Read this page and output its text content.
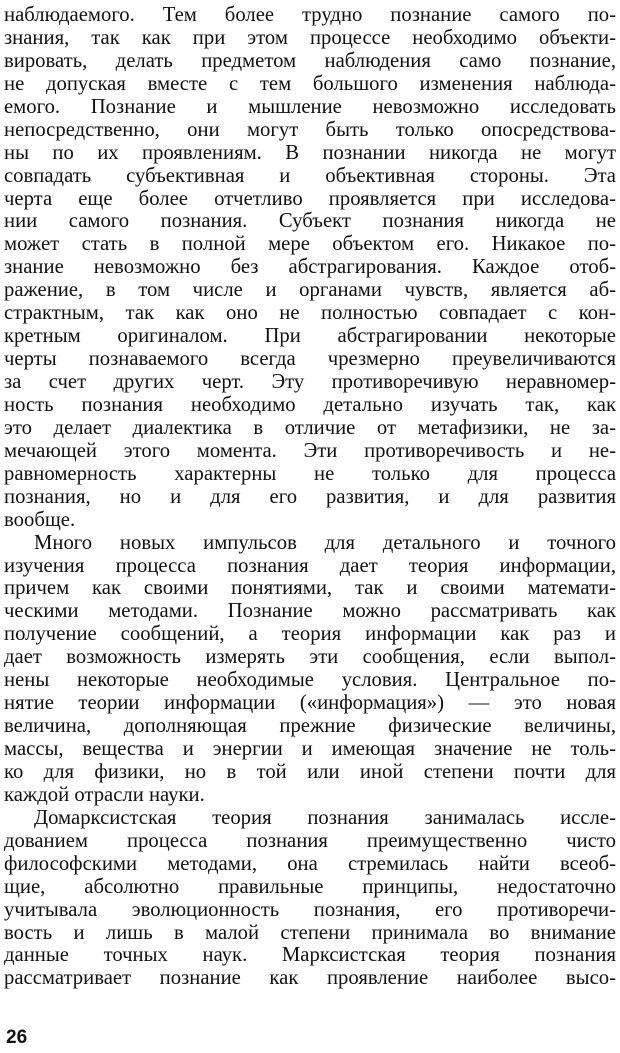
наблюдаемого. Тем более трудно познание самого по-
знания, так как при этом процессе необходимо объекти-
вировать, делать предметом наблюдения само познание,
не допуская вместе с тем большого изменения наблюда-
емого. Познание и мышление невозможно исследовать
непосредственно, они могут быть только опосредствова-
ны по их проявлениям. В познании никогда не могут
совпадать субъективная и объективная стороны. Эта
черта еще более отчетливо проявляется при исследова-
нии самого познания. Субъект познания никогда не
может стать в полной мере объектом его. Никакое по-
знание невозможно без абстрагирования. Каждое отоб-
ражение, в том числе и органами чувств, является аб-
страктным, так как оно не полностью совпадает с кон-
кретным оригиналом. При абстрагировании некоторые
черты познаваемого всегда чрезмерно преувеличиваются
за счет других черт. Эту противоречивую неравномер-
ность познания необходимо детально изучать так, как
это делает диалектика в отличие от метафизики, не за-
мечающей этого момента. Эти противоречивость и не-
равномерность характерны не только для процесса
познания, но и для его развития, и для развития
вообще.
Много новых импульсов для детального и точного
изучения процесса познания дает теория информации,
причем как своими понятиями, так и своими математи-
ческими методами. Познание можно рассматривать как
получение сообщений, а теория информации как раз и
дает возможность измерять эти сообщения, если выпол-
нены некоторые необходимые условия. Центральное по-
нятие теории информации («информация») — это новая
величина, дополняющая прежние физические величины,
массы, вещества и энергии и имеющая значение не толь-
ко для физики, но в той или иной степени почти для
каждой отрасли науки.
Домарксистская теория познания занималась иссле-
дованием процесса познания преимущественно чисто
философскими методами, она стремилась найти всеоб-
щие, абсолютно правильные принципы, недостаточно
учитывала эволюционность познания, его противоречи-
вость и лишь в малой степени принимала во внимание
данные точных наук. Марксистская теория познания
рассматривает познание как проявление наиболее высо-
26
